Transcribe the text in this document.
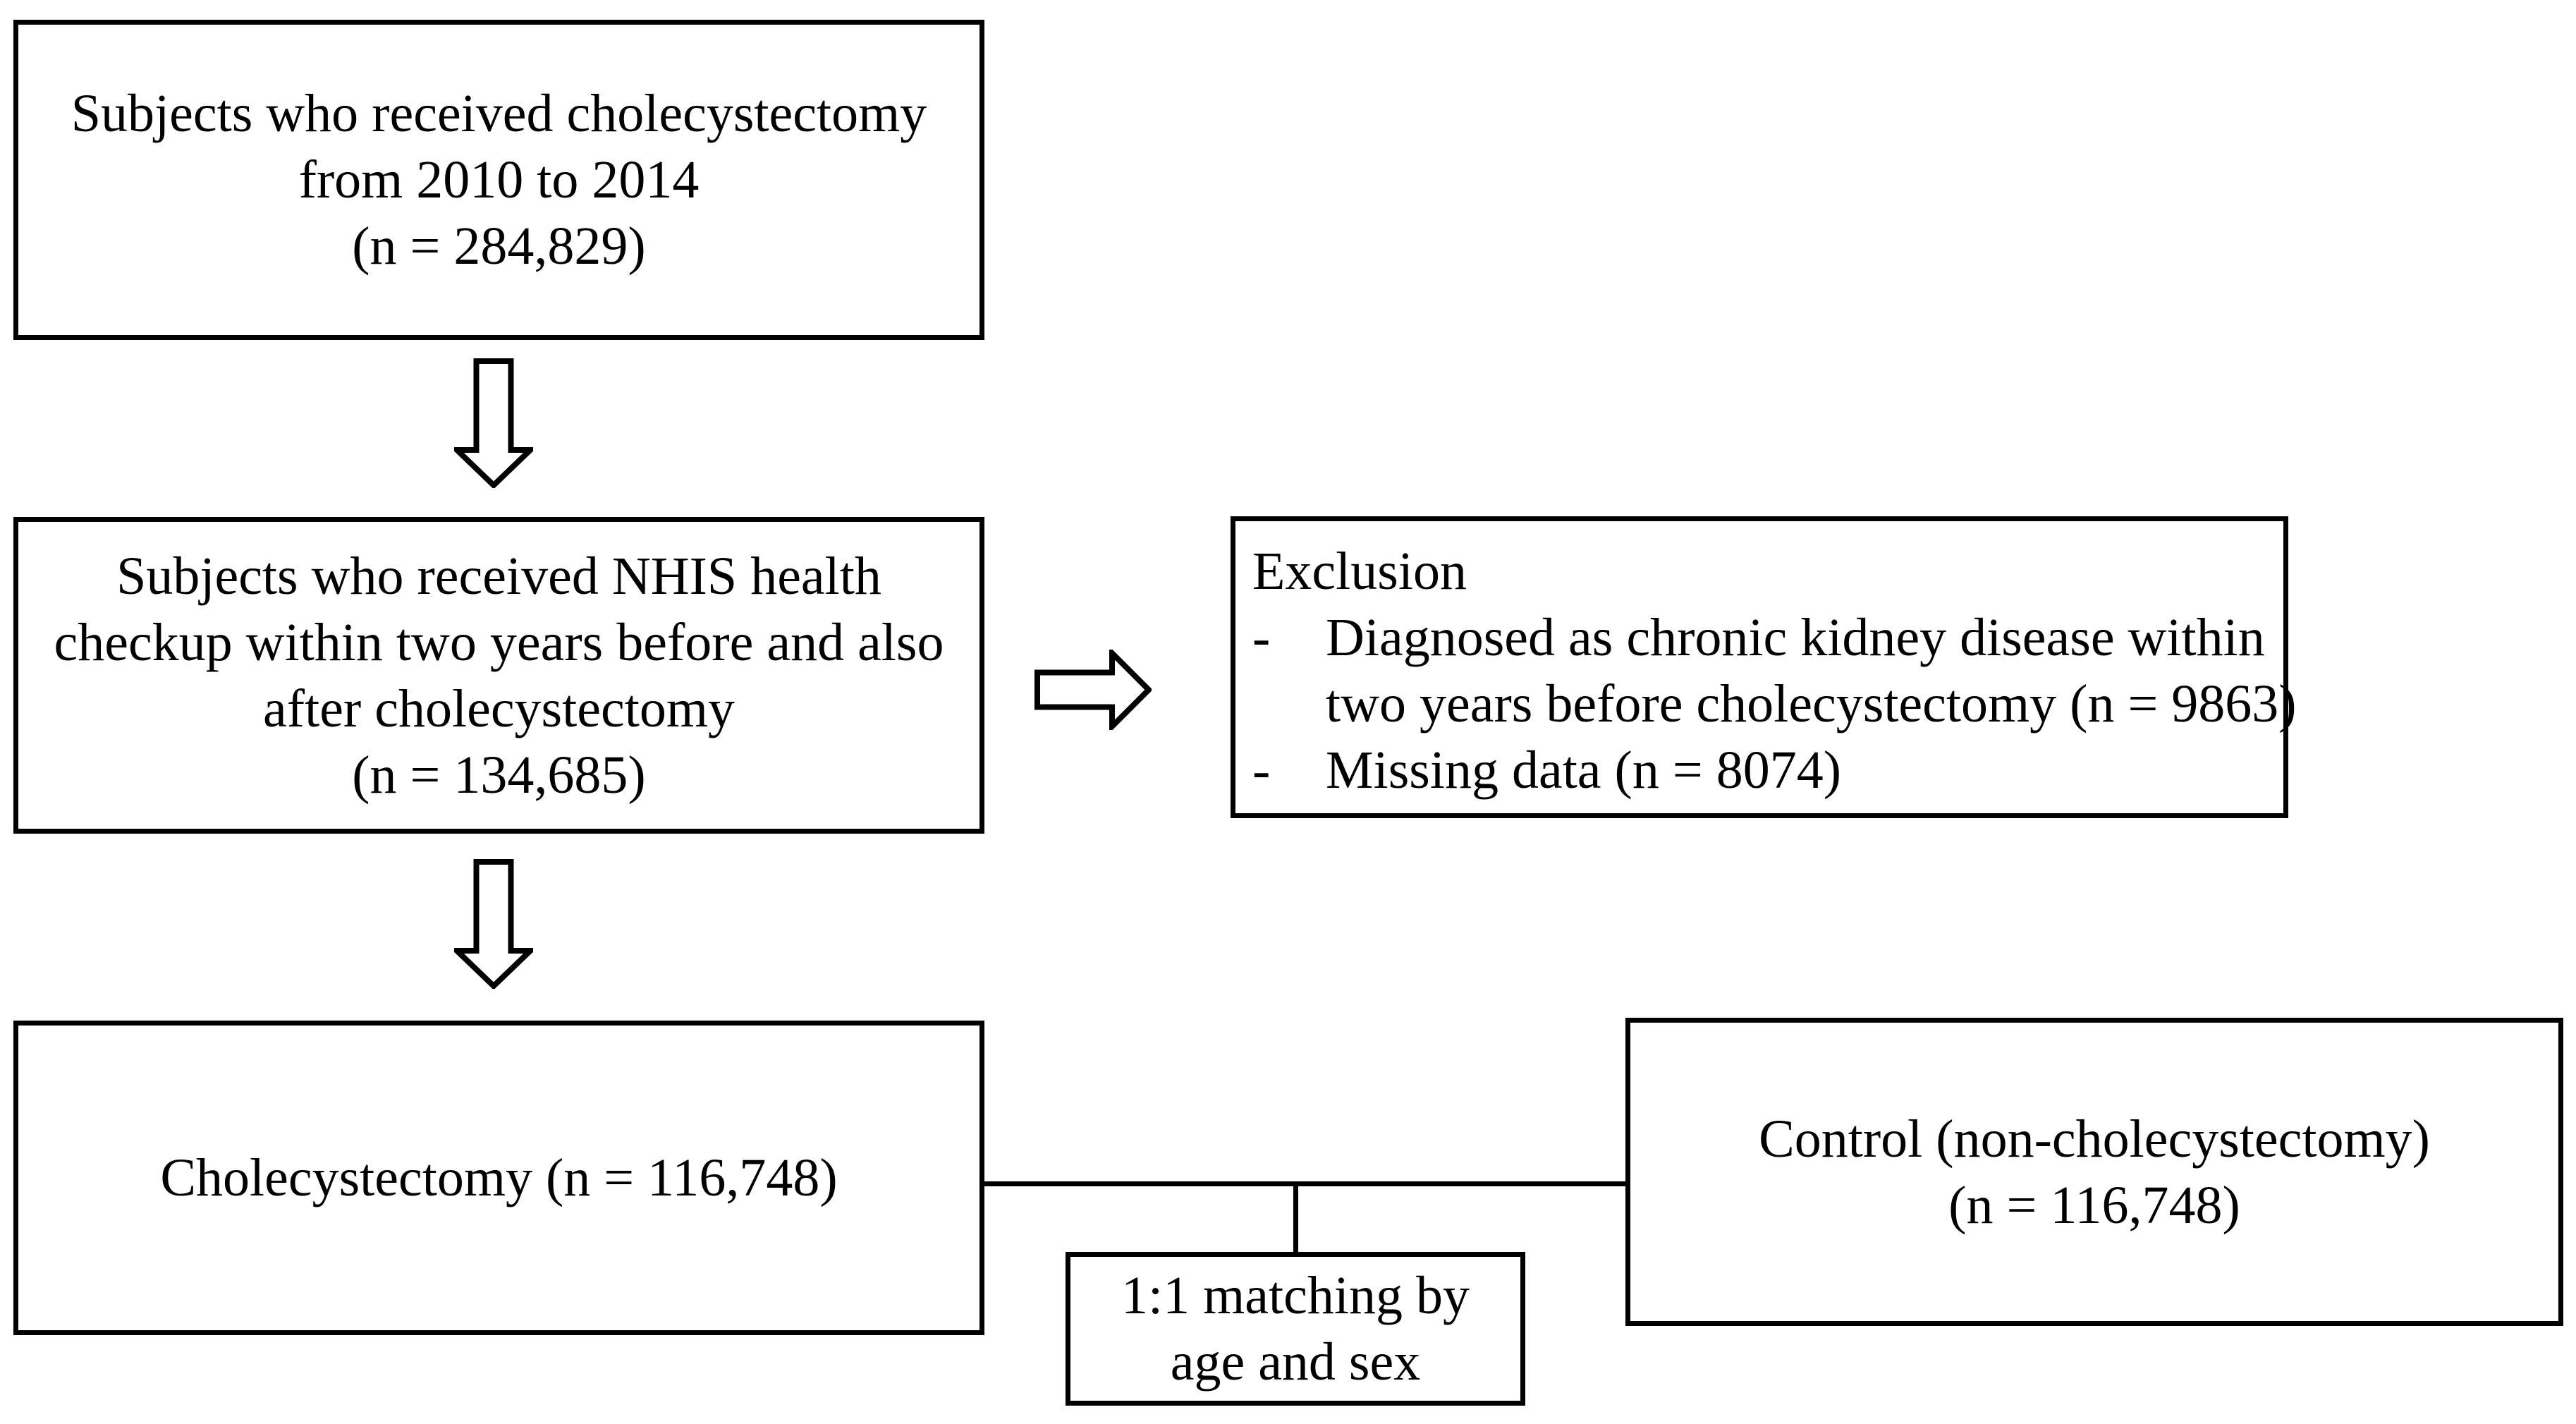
Subjects who received cholecystectomy
from 2010 to 2014
(n = 284,829)
Subjects who received NHIS health
checkup within two years before and also
after cholecystectomy
(n = 134,685)
Exclusion
-	Diagnosed as chronic kidney disease within
two years before cholecystectomy (n = 9863)
-	Missing data (n = 8074)
Cholecystectomy (n = 116,748)
Control (non-cholecystectomy)
(n = 116,748)
1:1 matching by
age and sex
